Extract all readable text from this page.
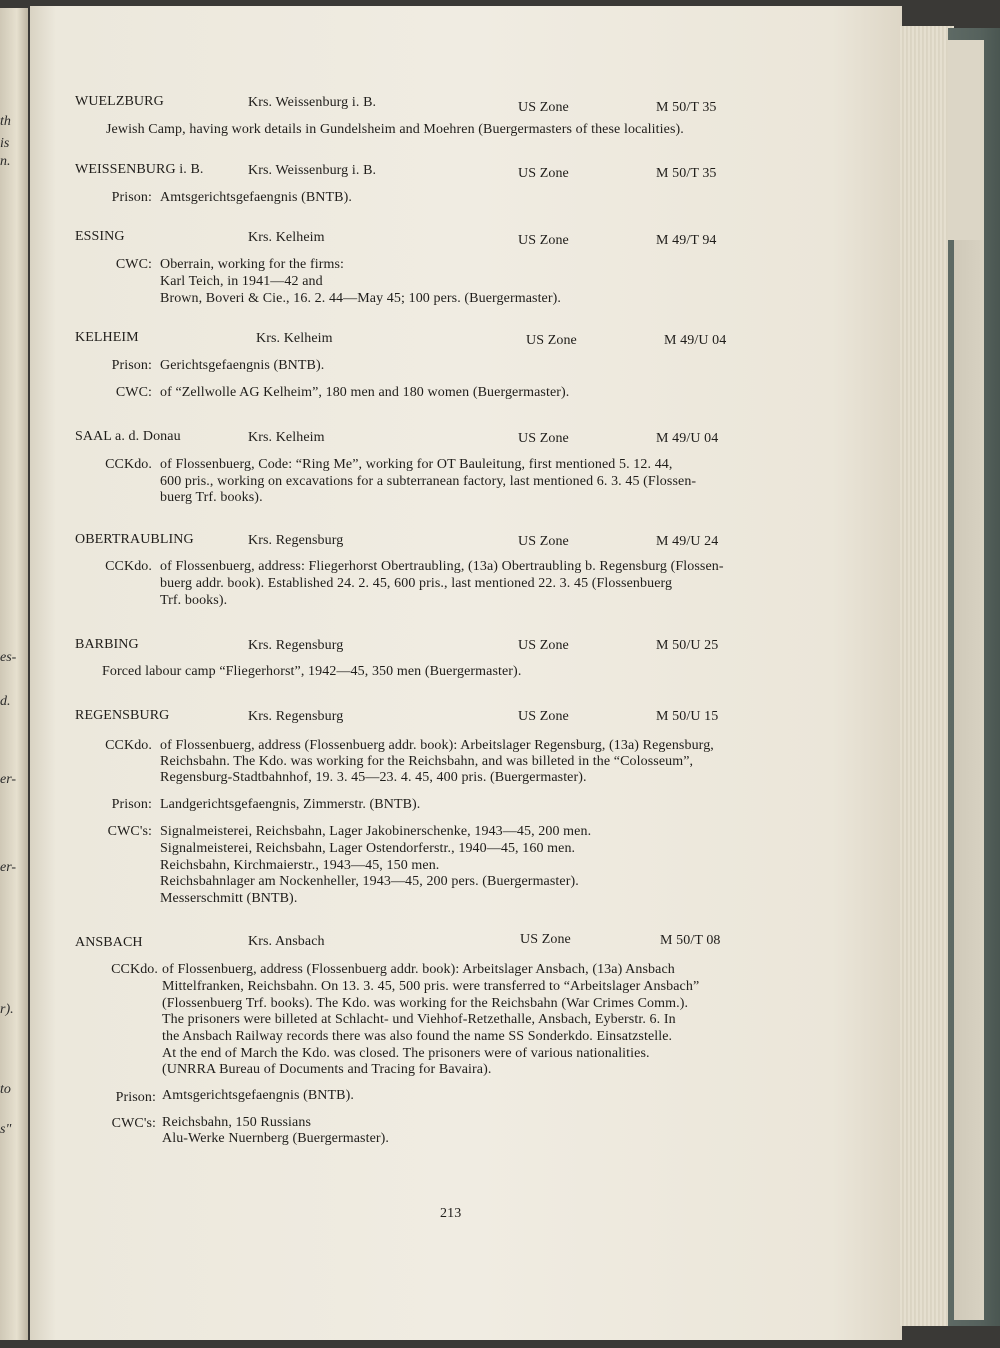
th
is
n.
es-
d.
er-
er-
r).
to
s"
WUELZBURG	Krs. Weissenburg i. B.	US Zone	M 50/T 35
Jewish Camp, having work details in Gundelsheim and Moehren (Buergermasters of these localities).
WEISSENBURG i. B.	Krs. Weissenburg i. B.	US Zone	M 50/T 35
Prison: Amtsgerichtsgefaengnis (BNTB).
ESSING	Krs. Kelheim	US Zone	M 49/T 94
CWC: Oberrain, working for the firms:
Karl Teich, in 1941—42 and
Brown, Boveri & Cie., 16. 2. 44—May 45; 100 pers. (Buergermaster).
KELHEIM	Krs. Kelheim	US Zone	M 49/U 04
Prison: Gerichtsgefaengnis (BNTB).
CWC: of “Zellwolle AG Kelheim”, 180 men and 180 women (Buergermaster).
SAAL a. d. Donau	Krs. Kelheim	US Zone	M 49/U 04
CCKdo. of Flossenbuerg, Code: “Ring Me”, working for OT Bauleitung, first mentioned 5. 12. 44,
600 pris., working on excavations for a subterranean factory, last mentioned 6. 3. 45 (Flossen-
buerg Trf. books).
OBERTRAUBLING	Krs. Regensburg	US Zone	M 49/U 24
CCKdo. of Flossenbuerg, address: Fliegerhorst Obertraubling, (13a) Obertraubling b. Regensburg (Flossen-
buerg addr. book). Established 24. 2. 45, 600 pris., last mentioned 22. 3. 45 (Flossenbuerg
Trf. books).
BARBING	Krs. Regensburg	US Zone	M 50/U 25
Forced labour camp “Fliegerhorst”, 1942—45, 350 men (Buergermaster).
REGENSBURG	Krs. Regensburg	US Zone	M 50/U 15
CCKdo. of Flossenbuerg, address (Flossenbuerg addr. book): Arbeitslager Regensburg, (13a) Regensburg,
Reichsbahn. The Kdo. was working for the Reichsbahn, and was billeted in the “Colosseum”,
Regensburg-Stadtbahnhof, 19. 3. 45—23. 4. 45, 400 pris. (Buergermaster).
Prison: Landgerichtsgefaengnis, Zimmerstr. (BNTB).
CWC's: Signalmeisterei, Reichsbahn, Lager Jakobinerschenke, 1943—45, 200 men.
Signalmeisterei, Reichsbahn, Lager Ostendorferstr., 1940—45, 160 men.
Reichsbahn, Kirchmaierstr., 1943—45, 150 men.
Reichsbahnlager am Nockenheller, 1943—45, 200 pers. (Buergermaster).
Messerschmitt (BNTB).
ANSBACH	Krs. Ansbach	US Zone	M 50/T 08
CCKdo. of Flossenbuerg, address (Flossenbuerg addr. book): Arbeitslager Ansbach, (13a) Ansbach
Mittelfranken, Reichsbahn. On 13. 3. 45, 500 pris. were transferred to “Arbeitslager Ansbach”
(Flossenbuerg Trf. books). The Kdo. was working for the Reichsbahn (War Crimes Comm.).
The prisoners were billeted at Schlacht- und Viehhof-Retzethalle, Ansbach, Eyberstr. 6. In
the Ansbach Railway records there was also found the name SS Sonderkdo. Einsatzstelle.
At the end of March the Kdo. was closed. The prisoners were of various nationalities.
(UNRRA Bureau of Documents and Tracing for Bavaira).
Prison: Amtsgerichtsgefaengnis (BNTB).
CWC's: Reichsbahn, 150 Russians
Alu-Werke Nuernberg (Buergermaster).
213
